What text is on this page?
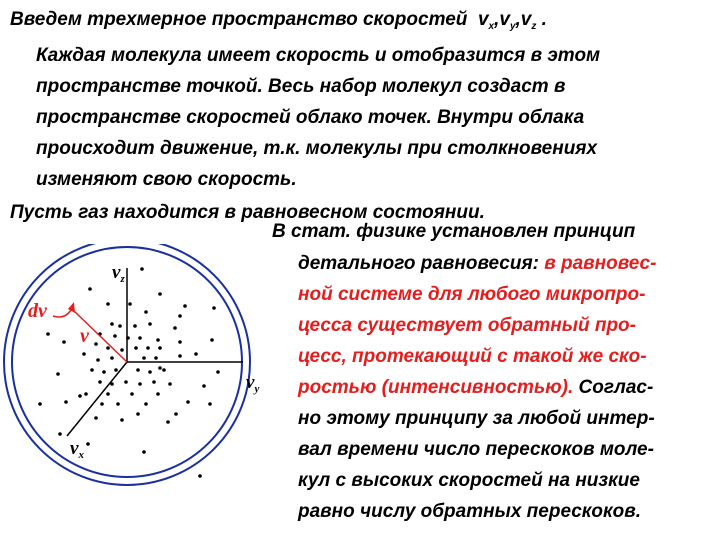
Введем трехмерное пространство скоростей $v_x,v_y,v_z$ .
Каждая молекула имеет скорость и отобразится в этом
пространстве точкой. Весь набор молекул создаст в
пространстве скоростей облако точек. Внутри облака
происходит движение, т.к. молекулы при столкновениях
изменяют свою скорость.
Пусть газ находится в равновесном состоянии.
В стат. физике установлен принцип
детального равновесия: в равновес-
ной системе для любого микропро-
цесса существует обратный про-
цесс, протекающий с такой же ско-
ростью (интенсивностью). Соглас-
но этому принципу за любой интер-
вал времени число перескоков моле-
кул с высоких скоростей на низкие
равно числу обратных перескоков.
$v_z$
$v_y$
$v_x$
dv
v
